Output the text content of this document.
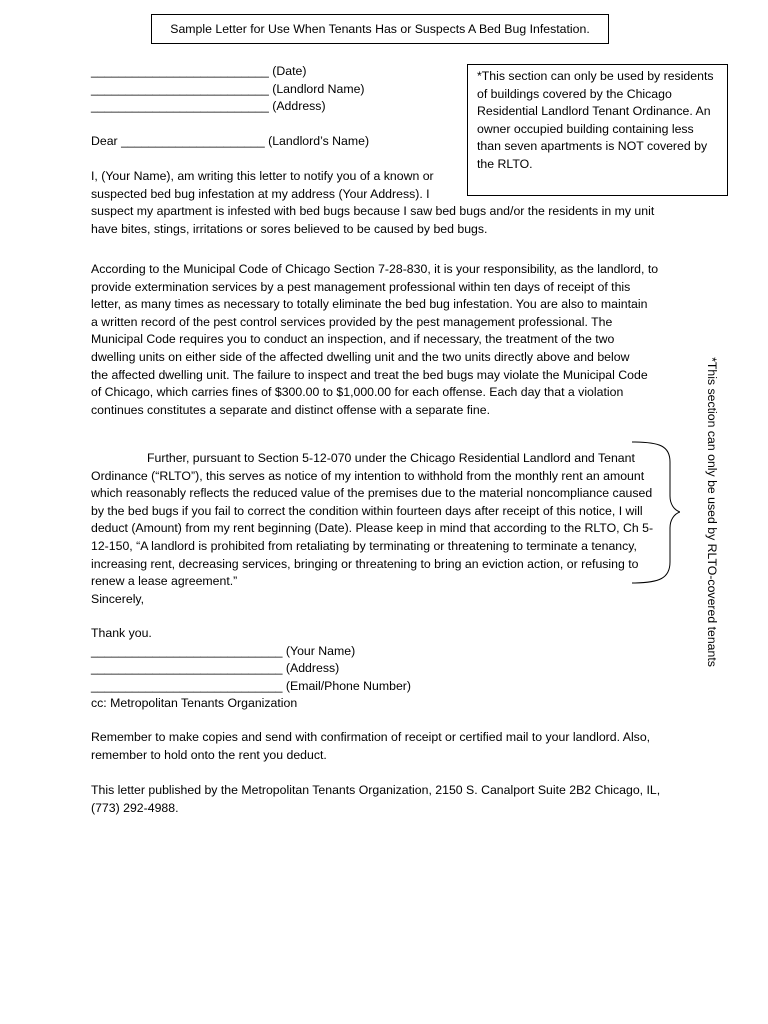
Sample Letter for Use When Tenants Has or Suspects A Bed Bug Infestation.
__________________________ (Date)
__________________________ (Landlord Name)
__________________________ (Address)
Dear _____________________ (Landlord’s Name)
*This section can only be used by residents of buildings covered by the Chicago Residential Landlord Tenant Ordinance. An owner occupied building containing less than seven apartments is NOT covered by the RLTO.
I, (Your Name), am writing this letter to notify you of a known or
suspected bed bug infestation at my address (Your Address). I
suspect my apartment is infested with bed bugs because I saw bed bugs and/or the residents in my unit
have bites, stings, irritations or sores believed to be caused by bed bugs.
According to the Municipal Code of Chicago Section 7-28-830, it is your responsibility, as the landlord, to
provide extermination services by a pest management professional within ten days of receipt of this
letter, as many times as necessary to totally eliminate the bed bug infestation. You are also to maintain
a written record of the pest control services provided by the pest management professional. The
Municipal Code requires you to conduct an inspection, and if necessary, the treatment of the two
dwelling units on either side of the affected dwelling unit and the two units directly above and below
the affected dwelling unit. The failure to inspect and treat the bed bugs may violate the Municipal Code
of Chicago, which carries fines of $300.00 to $1,000.00 for each offense. Each day that a violation
continues constitutes a separate and distinct offense with a separate fine.
Further, pursuant to Section 5-12-070 under the Chicago Residential Landlord and Tenant
Ordinance (“RLTO”), this serves as notice of my intention to withhold from the monthly rent an amount
which reasonably reflects the reduced value of the premises due to the material noncompliance caused
by the bed bugs if you fail to correct the condition within fourteen days after receipt of this notice, I will
deduct (Amount) from my rent beginning (Date). Please keep in mind that according to the RLTO, Ch 5-
12-150, “A landlord is prohibited from retaliating by terminating or threatening to terminate a tenancy,
increasing rent, decreasing services, bringing or threatening to bring an eviction action, or refusing to
renew a lease agreement.”
Sincerely,	*This section can only be used by RLTO-covered tenants
Thank you.
____________________________ (Your Name)
____________________________ (Address)
____________________________ (Email/Phone Number)
cc: Metropolitan Tenants Organization
Remember to make copies and send with confirmation of receipt or certified mail to your landlord. Also,
remember to hold onto the rent you deduct.
This letter published by the Metropolitan Tenants Organization, 2150 S. Canalport Suite 2B2 Chicago, IL,
(773) 292-4988.
